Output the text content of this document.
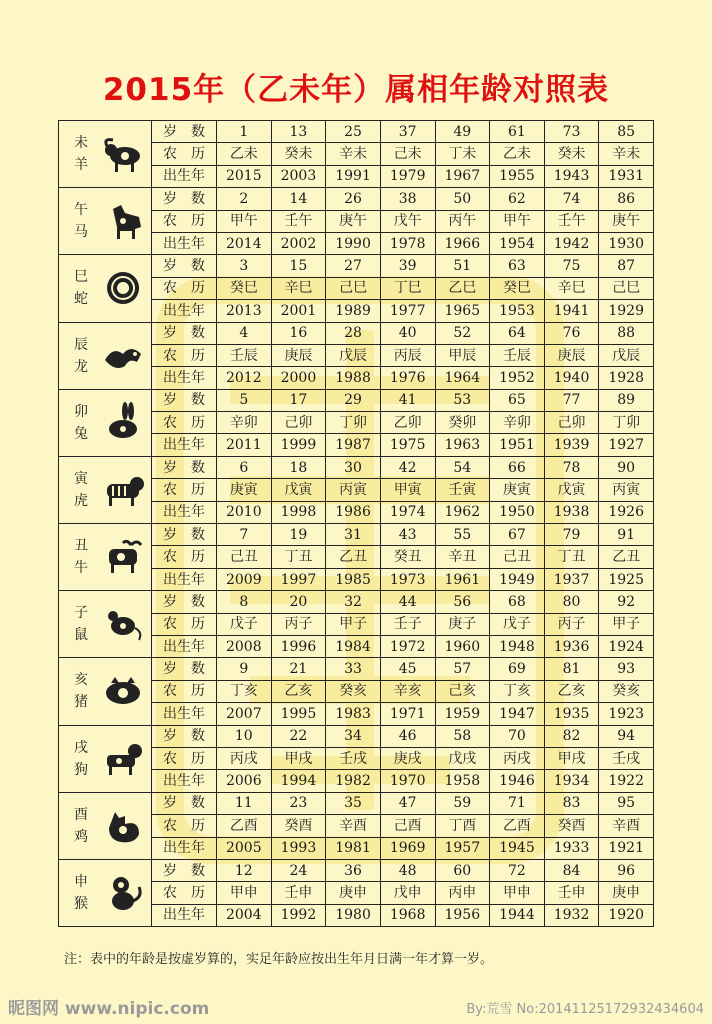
2015年（乙未年）属相年龄对照表
未
羊	岁　数	1	13	25	37	49	61	73	85
	农　历	乙未	癸未	辛未	己未	丁未	乙未	癸未	辛未
	出生年	2015	2003	1991	1979	1967	1955	1943	1931

午
马	岁　数	2	14	26	38	50	62	74	86
	农　历	甲午	壬午	庚午	戊午	丙午	甲午	壬午	庚午
	出生年	2014	2002	1990	1978	1966	1954	1942	1930

巳
蛇	岁　数	3	15	27	39	51	63	75	87
	农　历	癸巳	辛巳	己巳	丁巳	乙巳	癸巳	辛巳	己巳
	出生年	2013	2001	1989	1977	1965	1953	1941	1929

辰
龙	岁　数	4	16	28	40	52	64	76	88
	农　历	壬辰	庚辰	戊辰	丙辰	甲辰	壬辰	庚辰	戊辰
	出生年	2012	2000	1988	1976	1964	1952	1940	1928

卯
兔	岁　数	5	17	29	41	53	65	77	89
	农　历	辛卯	己卯	丁卯	乙卯	癸卯	辛卯	己卯	丁卯
	出生年	2011	1999	1987	1975	1963	1951	1939	1927

寅
虎	岁　数	6	18	30	42	54	66	78	90
	农　历	庚寅	戊寅	丙寅	甲寅	壬寅	庚寅	戊寅	丙寅
	出生年	2010	1998	1986	1974	1962	1950	1938	1926

丑
牛	岁　数	7	19	31	43	55	67	79	91
	农　历	己丑	丁丑	乙丑	癸丑	辛丑	己丑	丁丑	乙丑
	出生年	2009	1997	1985	1973	1961	1949	1937	1925

子
鼠	岁　数	8	20	32	44	56	68	80	92
	农　历	戊子	丙子	甲子	壬子	庚子	戊子	丙子	甲子
	出生年	2008	1996	1984	1972	1960	1948	1936	1924

亥
猪	岁　数	9	21	33	45	57	69	81	93
	农　历	丁亥	乙亥	癸亥	辛亥	己亥	丁亥	乙亥	癸亥
	出生年	2007	1995	1983	1971	1959	1947	1935	1923

戌
狗	岁　数	10	22	34	46	58	70	82	94
	农　历	丙戌	甲戌	壬戌	庚戌	戊戌	丙戌	甲戌	壬戌
	出生年	2006	1994	1982	1970	1958	1946	1934	1922

酉
鸡	岁　数	11	23	35	47	59	71	83	95
	农　历	乙酉	癸酉	辛酉	己酉	丁酉	乙酉	癸酉	辛酉
	出生年	2005	1993	1981	1969	1957	1945	1933	1921

申
猴	岁　数	12	24	36	48	60	72	84	96
	农　历	甲申	壬申	庚申	戊申	丙申	甲申	壬申	庚申
	出生年	2004	1992	1980	1968	1956	1944	1932	1920
注：表中的年龄是按虚岁算的，实足年龄应按出生年月日满一年才算一岁。
昵图网 www.nipic.com	By:荒雪 No:20141125172932434604
